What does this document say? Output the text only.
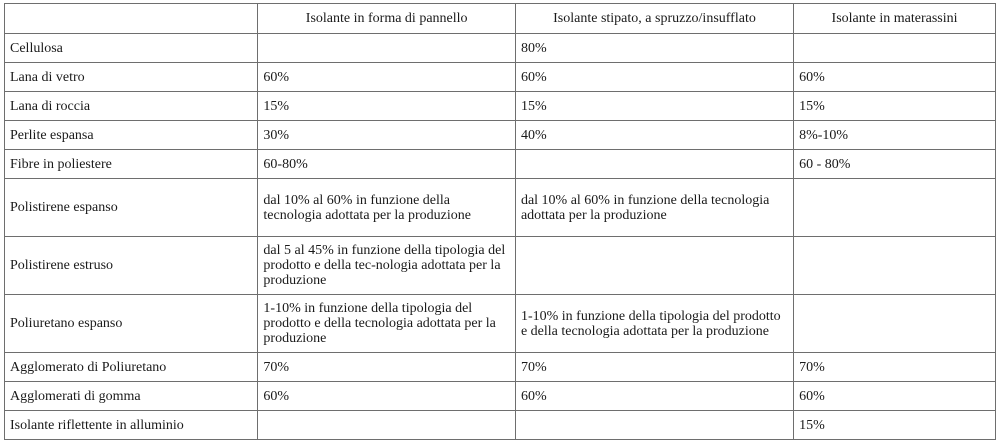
	Isolante in forma di pannello	Isolante stipato, a spruzzo/insufflato	Isolante in materassini
Cellulosa		80%	
Lana di vetro	60%	60%	60%
Lana di roccia	15%	15%	15%
Perlite espansa	30%	40%	8%-10%
Fibre in poliestere	60-80%		60 - 80%
Polistirene espanso	dal 10% al 60% in funzione della tecnologia adottata per la produzione	dal 10% al 60% in funzione della tecnologia adottata per la produzione	
Polistirene estruso	dal 5 al 45% in funzione della tipologia del prodotto e della tec-nologia adottata per la produzione		
Poliuretano espanso	1-10% in funzione della tipologia del prodotto e della tecnologia adottata per la produzione	1-10% in funzione della tipologia del prodotto e della tecnologia adottata per la produzione	
Agglomerato di Poliuretano	70%	70%	70%
Agglomerati di gomma	60%	60%	60%
Isolante riflettente in alluminio			15%
